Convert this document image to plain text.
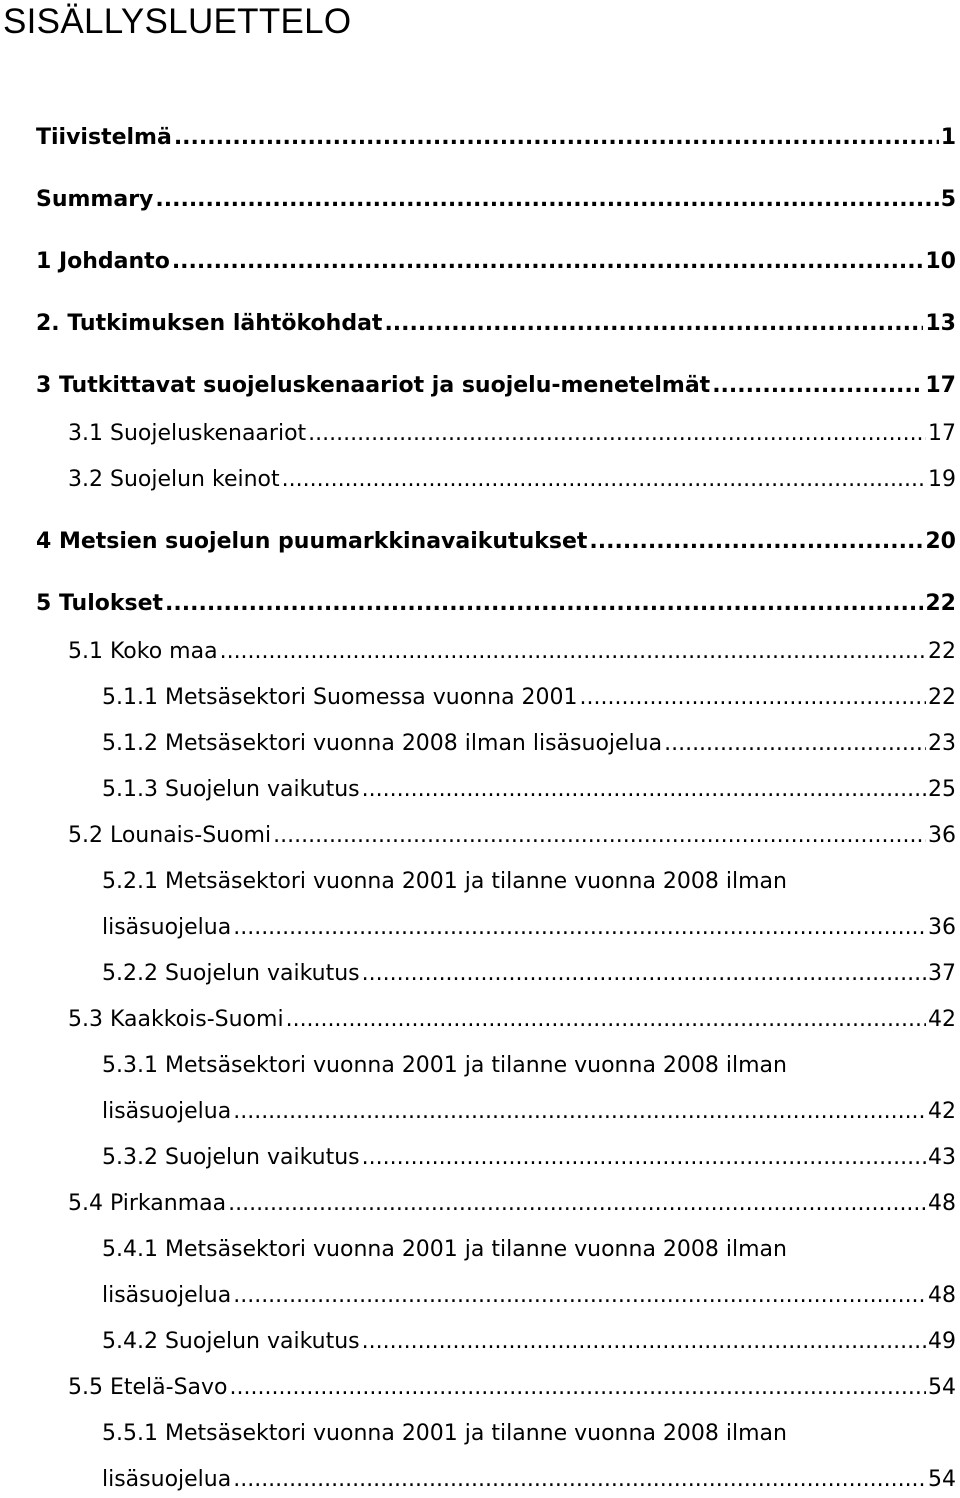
SISÄLLYSLUETTELO
Tiivistelmä .....	1
Summary .....	5
1 Johdanto .....	10
2. Tutkimuksen lähtökohdat .....	13
3 Tutkittavat suojeluskenaariot ja suojelu-menetelmät .....	17
3.1 Suojeluskenaariot .....	17
3.2 Suojelun keinot .....	19
4 Metsien suojelun puumarkkinavaikutukset .....	20
5 Tulokset .....	22
5.1 Koko maa .....	22
5.1.1 Metsäsektori Suomessa vuonna 2001 .....	22
5.1.2 Metsäsektori vuonna 2008 ilman lisäsuojelua .....	23
5.1.3 Suojelun vaikutus .....	25
5.2 Lounais-Suomi .....	36
5.2.1 Metsäsektori vuonna 2001 ja tilanne vuonna 2008 ilman
lisäsuojelua .....	36
5.2.2 Suojelun vaikutus .....	37
5.3 Kaakkois-Suomi .....	42
5.3.1 Metsäsektori vuonna 2001 ja tilanne vuonna 2008 ilman
lisäsuojelua .....	42
5.3.2 Suojelun vaikutus .....	43
5.4 Pirkanmaa .....	48
5.4.1 Metsäsektori vuonna 2001 ja tilanne vuonna 2008 ilman
lisäsuojelua .....	48
5.4.2 Suojelun vaikutus .....	49
5.5 Etelä-Savo .....	54
5.5.1 Metsäsektori vuonna 2001 ja tilanne vuonna 2008 ilman
lisäsuojelua .....	54
